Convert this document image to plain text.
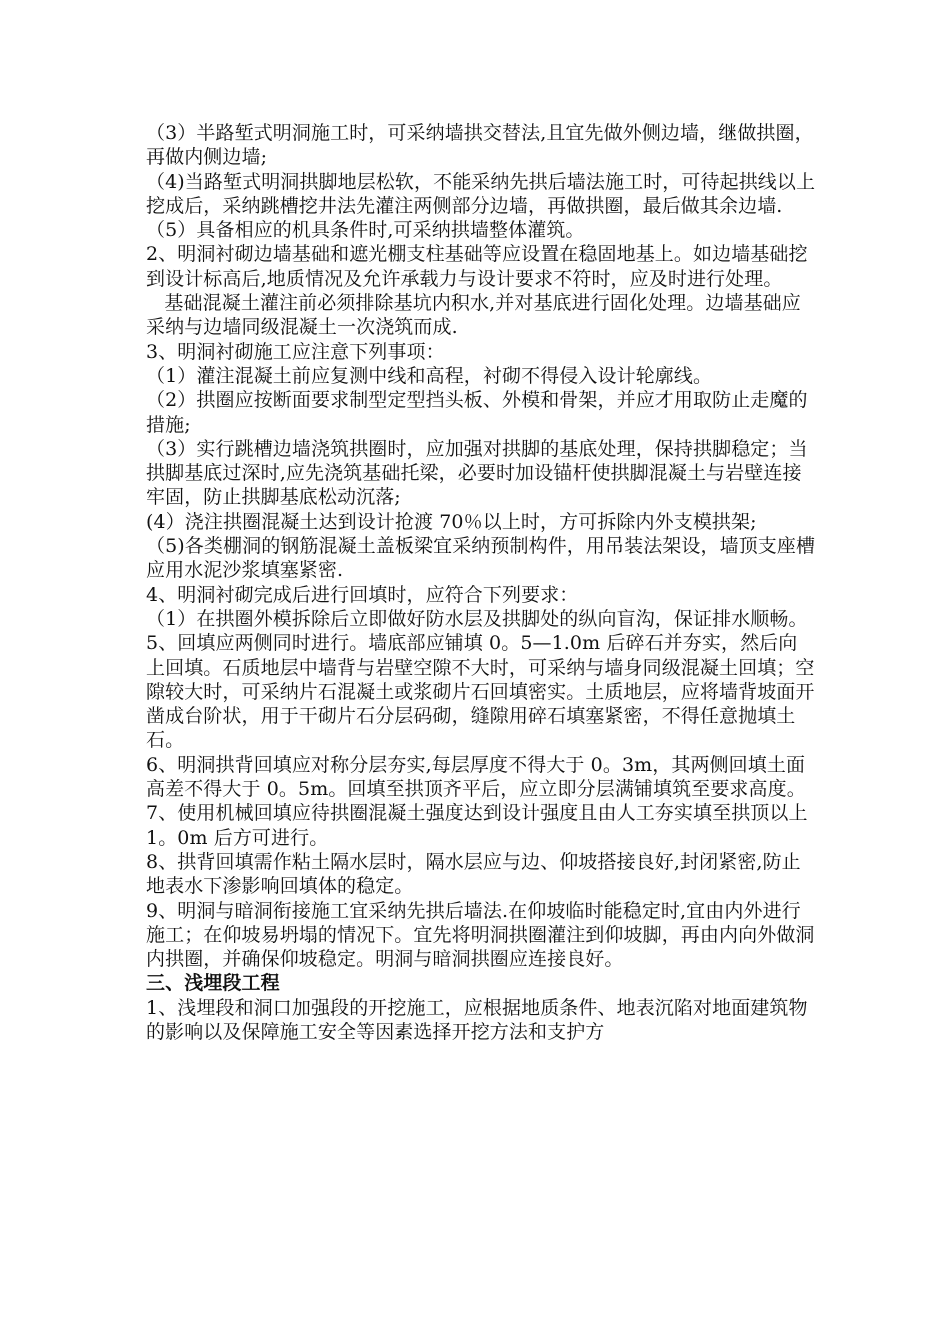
（3）半路堑式明洞施工时，可采纳墙拱交替法,且宜先做外侧边墙，继做拱圈，再做内侧边墙;

（4)当路堑式明洞拱脚地层松软，不能采纳先拱后墙法施工时，可待起拱线以上挖成后，采纳跳槽挖井法先灌注两侧部分边墙，再做拱圈，最后做其余边墙.

（5）具备相应的机具条件时,可采纳拱墙整体灌筑。

2、明洞衬砌边墙基础和遮光棚支柱基础等应设置在稳固地基上。如边墙基础挖到设计标高后,地质情况及允许承载力与设计要求不符时，应及时进行处理。

基础混凝土灌注前必须排除基坑内积水,并对基底进行固化处理。边墙基础应采纳与边墙同级混凝土一次浇筑而成.

3、明洞衬砌施工应注意下列事项：

（1）灌注混凝土前应复测中线和高程，衬砌不得侵入设计轮廓线。

（2）拱圈应按断面要求制型定型挡头板、外模和骨架，并应才用取防止走魔的措施;

（3）实行跳槽边墙浇筑拱圈时，应加强对拱脚的基底处理，保持拱脚稳定；当拱脚基底过深时,应先浇筑基础托梁，必要时加设锚杆使拱脚混凝土与岩壁连接牢固，防止拱脚基底松动沉落;

(4）浇注拱圈混凝土达到设计抢渡 70％以上时，方可拆除内外支模拱架;

（5)各类棚洞的钢筋混凝土盖板梁宜采纳预制构件，用吊装法架设，墙顶支座槽应用水泥沙浆填塞紧密.

4、明洞衬砌完成后进行回填时，应符合下列要求：

（1）在拱圈外模拆除后立即做好防水层及拱脚处的纵向盲沟，保证排水顺畅。

5、回填应两侧同时进行。墙底部应铺填 0。5—1.0m 后碎石并夯实，然后向上回填。石质地层中墙背与岩壁空隙不大时，可采纳与墙身同级混凝土回填；空隙较大时，可采纳片石混凝土或浆砌片石回填密实。土质地层，应将墙背坡面开凿成台阶状，用于干砌片石分层码砌，缝隙用碎石填塞紧密，不得任意抛填土石。

6、明洞拱背回填应对称分层夯实,每层厚度不得大于 0。3m，其两侧回填土面高差不得大于 0。5m。回填至拱顶齐平后，应立即分层满铺填筑至要求高度。

7、使用机械回填应待拱圈混凝土强度达到设计强度且由人工夯实填至拱顶以上 1。0m 后方可进行。

8、拱背回填需作粘土隔水层时，隔水层应与边、仰坡搭接良好,封闭紧密,防止地表水下渗影响回填体的稳定。

9、明洞与暗洞衔接施工宜采纳先拱后墙法.在仰坡临时能稳定时,宜由内外进行施工；在仰坡易坍塌的情况下。宜先将明洞拱圈灌注到仰坡脚，再由内向外做洞内拱圈，并确保仰坡稳定。明洞与暗洞拱圈应连接良好。

三、浅埋段工程

1、浅埋段和洞口加强段的开挖施工，应根据地质条件、地表沉陷对地面建筑物的影响以及保障施工安全等因素选择开挖方法和支护方
